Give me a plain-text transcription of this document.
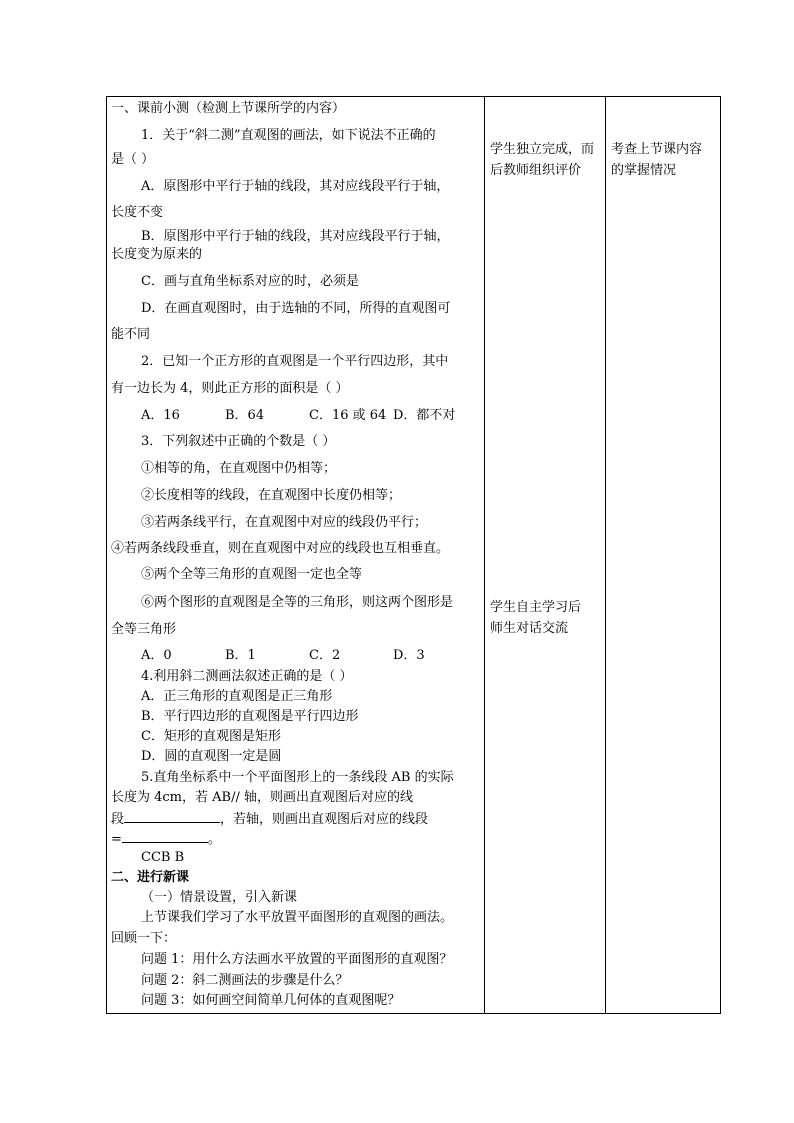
一、课前小测（检测上节课所学的内容）
1．关于“斜二测”直观图的画法，如下说法不正确的
是（ ）
A．原图形中平行于轴的线段，其对应线段平行于轴，
长度不变
B．原图形中平行于轴的线段，其对应线段平行于轴，
长度变为原来的
C．画与直角坐标系对应的时，必须是
D．在画直观图时，由于选轴的不同，所得的直观图可
能不同
2．已知一个正方形的直观图是一个平行四边形，其中
有一边长为 4，则此正方形的面积是（ ）
A．16	B．64	C．16 或 64 D．都不对
3．下列叙述中正确的个数是（ ）
①相等的角，在直观图中仍相等；
②长度相等的线段，在直观图中长度仍相等；
③若两条线平行，在直观图中对应的线段仍平行；
④若两条线段垂直，则在直观图中对应的线段也互相垂直。
⑤两个全等三角形的直观图一定也全等
⑥两个图形的直观图是全等的三角形，则这两个图形是
全等三角形
A．0	B．1	C．2	D．3
4.利用斜二测画法叙述正确的是（ ）
A．正三角形的直观图是正三角形
B．平行四边形的直观图是平行四边形
C．矩形的直观图是矩形
D．圆的直观图一定是圆
5.直角坐标系中一个平面图形上的一条线段 AB 的实际
长度为 4cm，若 AB// 轴，则画出直观图后对应的线
段	，若轴，则画出直观图后对应的线段
=	。
CCB B
二、进行新课
（一）情景设置，引入新课
上节课我们学习了水平放置平面图形的直观图的画法。
回顾一下：
问题 1：用什么方法画水平放置的平面图形的直观图？
问题 2：斜二测画法的步骤是什么？
问题 3：如何画空间简单几何体的直观图呢？

学生独立完成，而
后教师组织评价
学生自主学习后
师生对话交流

考查上节课内容
的掌握情况
